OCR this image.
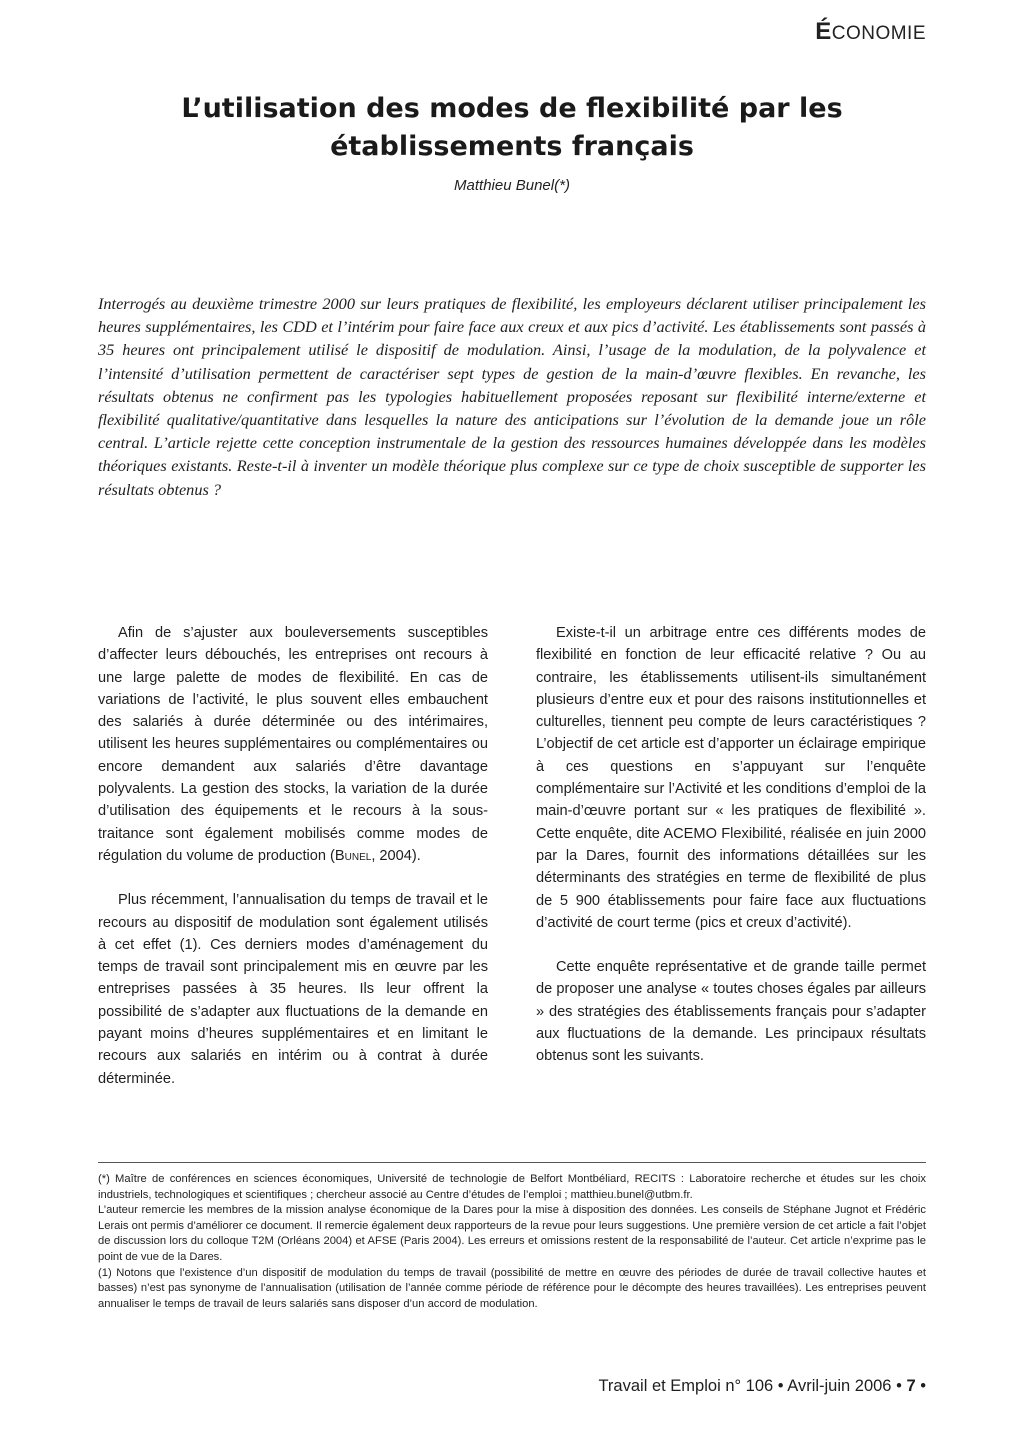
ÉCONOMIE
L’utilisation des modes de flexibilité par les
établissements français
Matthieu Bunel(*)
Interrogés au deuxième trimestre 2000 sur leurs pratiques de flexibilité, les employeurs déclarent utiliser principalement les heures supplémentaires, les CDD et l’intérim pour faire face aux creux et aux pics d’activité. Les établissements sont passés à 35 heures ont principalement utilisé le dispositif de modulation. Ainsi, l’usage de la modulation, de la polyvalence et l’intensité d’utilisation permettent de caractériser sept types de gestion de la main-d’œuvre flexibles. En revanche, les résultats obtenus ne confirment pas les typologies habituellement proposées reposant sur flexibilité interne/externe et flexibilité qualitative/quantitative dans lesquelles la nature des anticipations sur l’évolution de la demande joue un rôle central. L’article rejette cette conception instrumentale de la gestion des ressources humaines développée dans les modèles théoriques existants. Reste-t-il à inventer un modèle théorique plus complexe sur ce type de choix susceptible de supporter les résultats obtenus ?

Afin de s’ajuster aux bouleversements susceptibles d’affecter leurs débouchés, les entreprises ont recours à une large palette de modes de flexibilité. En cas de variations de l’activité, le plus souvent elles embauchent des salariés à durée déterminée ou des intérimaires, utilisent les heures supplémentaires ou complémentaires ou encore demandent aux salariés d’être davantage polyvalents. La gestion des stocks, la variation de la durée d’utilisation des équipements et le recours à la sous-traitance sont également mobilisés comme modes de régulation du volume de production (Bunel, 2004).

Plus récemment, l’annualisation du temps de travail et le recours au dispositif de modulation sont également utilisés à cet effet (1). Ces derniers modes d’aménagement du temps de travail sont principalement mis en œuvre par les entreprises passées à 35 heures. Ils leur offrent la possibilité de s’adapter aux fluctuations de la demande en payant moins d’heures supplémentaires et en limitant le recours aux salariés en intérim ou à contrat à durée déterminée.

Existe-t-il un arbitrage entre ces différents modes de flexibilité en fonction de leur efficacité relative ? Ou au contraire, les établissements utilisent-ils simultanément plusieurs d’entre eux et pour des raisons institutionnelles et culturelles, tiennent peu compte de leurs caractéristiques ? L’objectif de cet article est d’apporter un éclairage empirique à ces questions en s’appuyant sur l’enquête complémentaire sur l’Activité et les conditions d’emploi de la main-d’œuvre portant sur « les pratiques de flexibilité ». Cette enquête, dite ACEMO Flexibilité, réalisée en juin 2000 par la Dares, fournit des informations détaillées sur les déterminants des stratégies en terme de flexibilité de plus de 5 900 établissements pour faire face aux fluctuations d’activité de court terme (pics et creux d’activité).

Cette enquête représentative et de grande taille permet de proposer une analyse « toutes choses égales par ailleurs » des stratégies des établissements français pour s’adapter aux fluctuations de la demande. Les principaux résultats obtenus sont les suivants.

(*) Maître de conférences en sciences économiques, Université de technologie de Belfort Montbéliard, RECITS : Laboratoire recherche et études sur les choix industriels, technologiques et scientifiques ; chercheur associé au Centre d’études de l’emploi ; matthieu.bunel@utbm.fr.

L’auteur remercie les membres de la mission analyse économique de la Dares pour la mise à disposition des données. Les conseils de Stéphane Jugnot et Frédéric Lerais ont permis d’améliorer ce document. Il remercie également deux rapporteurs de la revue pour leurs suggestions. Une première version de cet article a fait l’objet de discussion lors du colloque T2M (Orléans 2004) et AFSE (Paris 2004). Les erreurs et omissions restent de la responsabilité de l’auteur. Cet article n’exprime pas le point de vue de la Dares.

(1) Notons que l’existence d’un dispositif de modulation du temps de travail (possibilité de mettre en œuvre des périodes de durée de travail collective hautes et basses) n’est pas synonyme de l’annualisation (utilisation de l’année comme période de référence pour le décompte des heures travaillées). Les entreprises peuvent annualiser le temps de travail de leurs salariés sans disposer d’un accord de modulation.

Travail et Emploi n° 106 • Avril-juin 2006 • 7 •
